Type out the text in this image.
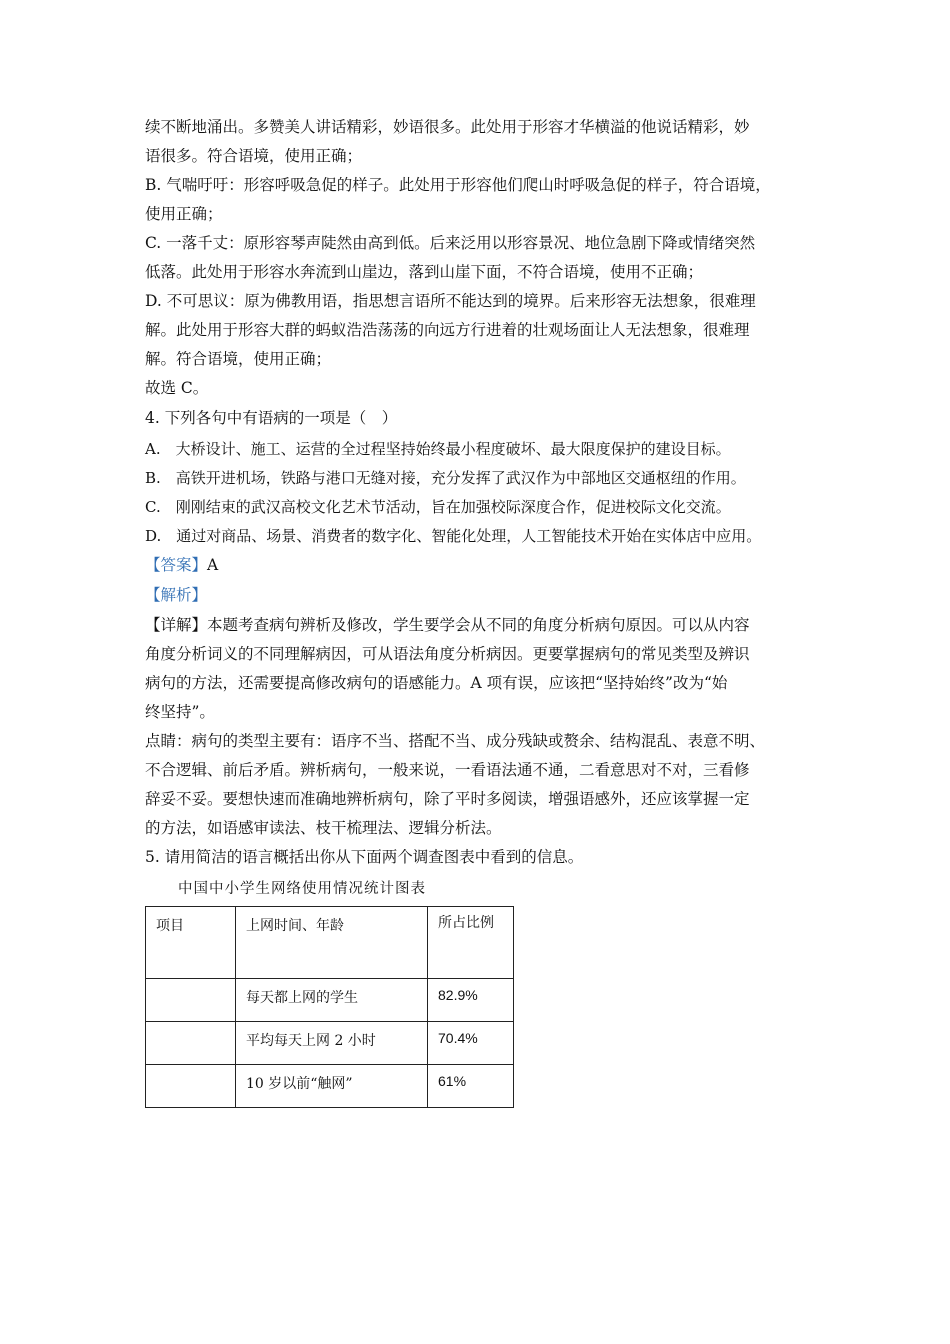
续不断地涌出。多赞美人讲话精彩，妙语很多。此处用于形容才华横溢的他说话精彩，妙
语很多。符合语境，使用正确；
B. 气喘吁吁：形容呼吸急促的样子。此处用于形容他们爬山时呼吸急促的样子，符合语境，
使用正确；
C. 一落千丈：原形容琴声陡然由高到低。后来泛用以形容景况、地位急剧下降或情绪突然
低落。此处用于形容水奔流到山崖边，落到山崖下面，不符合语境，使用不正确；
D. 不可思议：原为佛教用语，指思想言语所不能达到的境界。后来形容无法想象，很难理
解。此处用于形容大群的蚂蚁浩浩荡荡的向远方行进着的壮观场面让人无法想象，很难理
解。符合语境，使用正确；
故选 C。
4. 下列各句中有语病的一项是（　）
A.　大桥设计、施工、运营的全过程坚持始终最小程度破坏、最大限度保护的建设目标。
B.　高铁开进机场，铁路与港口无缝对接，充分发挥了武汉作为中部地区交通枢纽的作用。
C.　刚刚结束的武汉高校文化艺术节活动，旨在加强校际深度合作，促进校际文化交流。
D.　通过对商品、场景、消费者的数字化、智能化处理，人工智能技术开始在实体店中应用。
【答案】A
【解析】
【详解】本题考查病句辨析及修改，学生要学会从不同的角度分析病句原因。可以从内容
角度分析词义的不同理解病因，可从语法角度分析病因。更要掌握病句的常见类型及辨识
病句的方法，还需要提高修改病句的语感能力。A 项有误，应该把“坚持始终”改为“始
终坚持”。
点睛：病句的类型主要有：语序不当、搭配不当、成分残缺或赘余、结构混乱、表意不明、
不合逻辑、前后矛盾。辨析病句，一般来说，一看语法通不通，二看意思对不对，三看修
辞妥不妥。要想快速而准确地辨析病句，除了平时多阅读，增强语感外，还应该掌握一定
的方法，如语感审读法、枝干梳理法、逻辑分析法。
5. 请用简洁的语言概括出你从下面两个调查图表中看到的信息。
中国中小学生网络使用情况统计图表
项目	上网时间、年龄	所占比例
	每天都上网的学生	82.9%
	平均每天上网 2 小时	70.4%
	10 岁以前“触网”	61%
